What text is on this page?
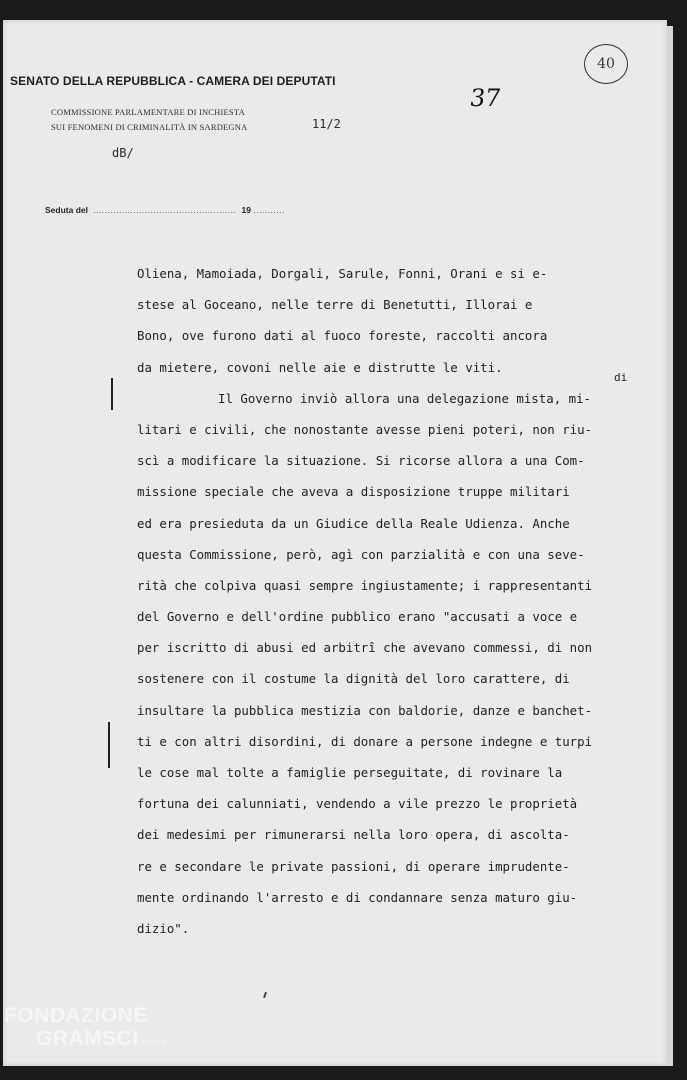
SENATO DELLA REPUBBLICA - CAMERA DEI DEPUTATI
COMMISSIONE PARLAMENTARE DI INCHIESTA
SUI FENOMENI DI CRIMINALITÀ IN SARDEGNA	11/2
37
40
dB/
Seduta del  ..................................................  19 ...........
Oliena, Mamoiada, Dorgali, Sarule, Fonni, Orani e si e-
stese al Goceano, nelle terre di Benetutti, Illorai e
Bono, ove furono dati al fuoco foreste, raccolti ancora
da mietere, covoni nelle aie e distrutte le viti.
Il Governo inviò allora una delegazione mista, mi-
litari e civili, che nonostante avesse pieni poteri, non riu-
scì a modificare la situazione. Si ricorse allora a una Com-
missione speciale che aveva a disposizione truppe militari
ed era presieduta da un Giudice della Reale Udienza. Anche
questa Commissione, però, agì con parzialità e con una seve-
rità che colpiva quasi sempre ingiustamente; i rappresentanti
del Governo e dell'ordine pubblico erano "accusati a voce e
per iscritto di abusi ed arbitrî che avevano commessi, di non
sostenere con il costume la dignità del loro carattere, di
insultare la pubblica mestizia con baldorie, danze e banchet-
ti e con altri disordini, di donare a persone indegne e turpi
le cose mal tolte a famiglie perseguitate, di rovinare la
fortuna dei calunniati, vendendo a vile prezzo le proprietà
dei medesimi per rimunerarsi nella loro opera, di ascolta-
re e secondare le private passioni, di operare imprudente-
mente ordinando l'arresto e di condannare senza maturo giu-
dizio".
di
FONDAZIONE
GRAMSCI onlus
